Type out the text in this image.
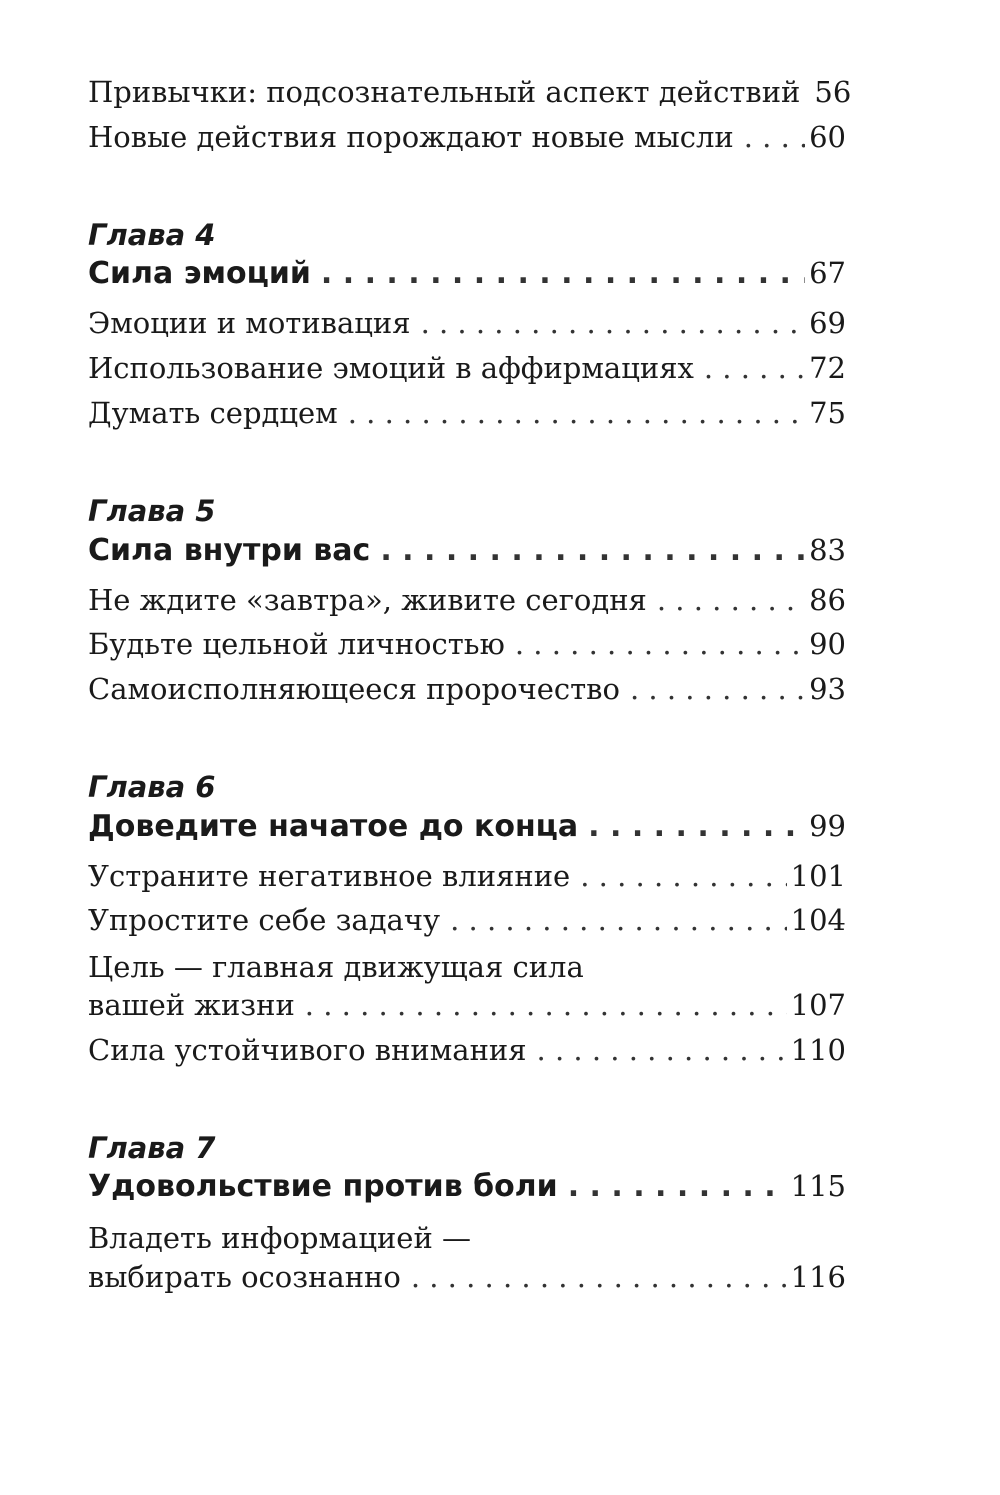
Привычки: подсознательный аспект действий 56
Новые действия порождают новые мысли . . .	60
Глава 4
Сила эмоций . . .	67
Эмоции и мотивация . . .	69
Использование эмоций в аффирмациях . . .	72
Думать сердцем . . .	75
Глава 5
Сила внутри вас . . .	83
Не ждите «завтра», живите сегодня . . .	86
Будьте цельной личностью . . .	90
Самоисполняющееся пророчество . . .	93
Глава 6
Доведите начатое до конца . . .	99
Устраните негативное влияние . . .	101
Упростите себе задачу . . .	104
Цель — главная движущая сила
вашей жизни . . .	107
Сила устойчивого внимания . . .	110
Глава 7
Удовольствие против боли . . .	115
Владеть информацией —
выбирать осознанно . . .	116
